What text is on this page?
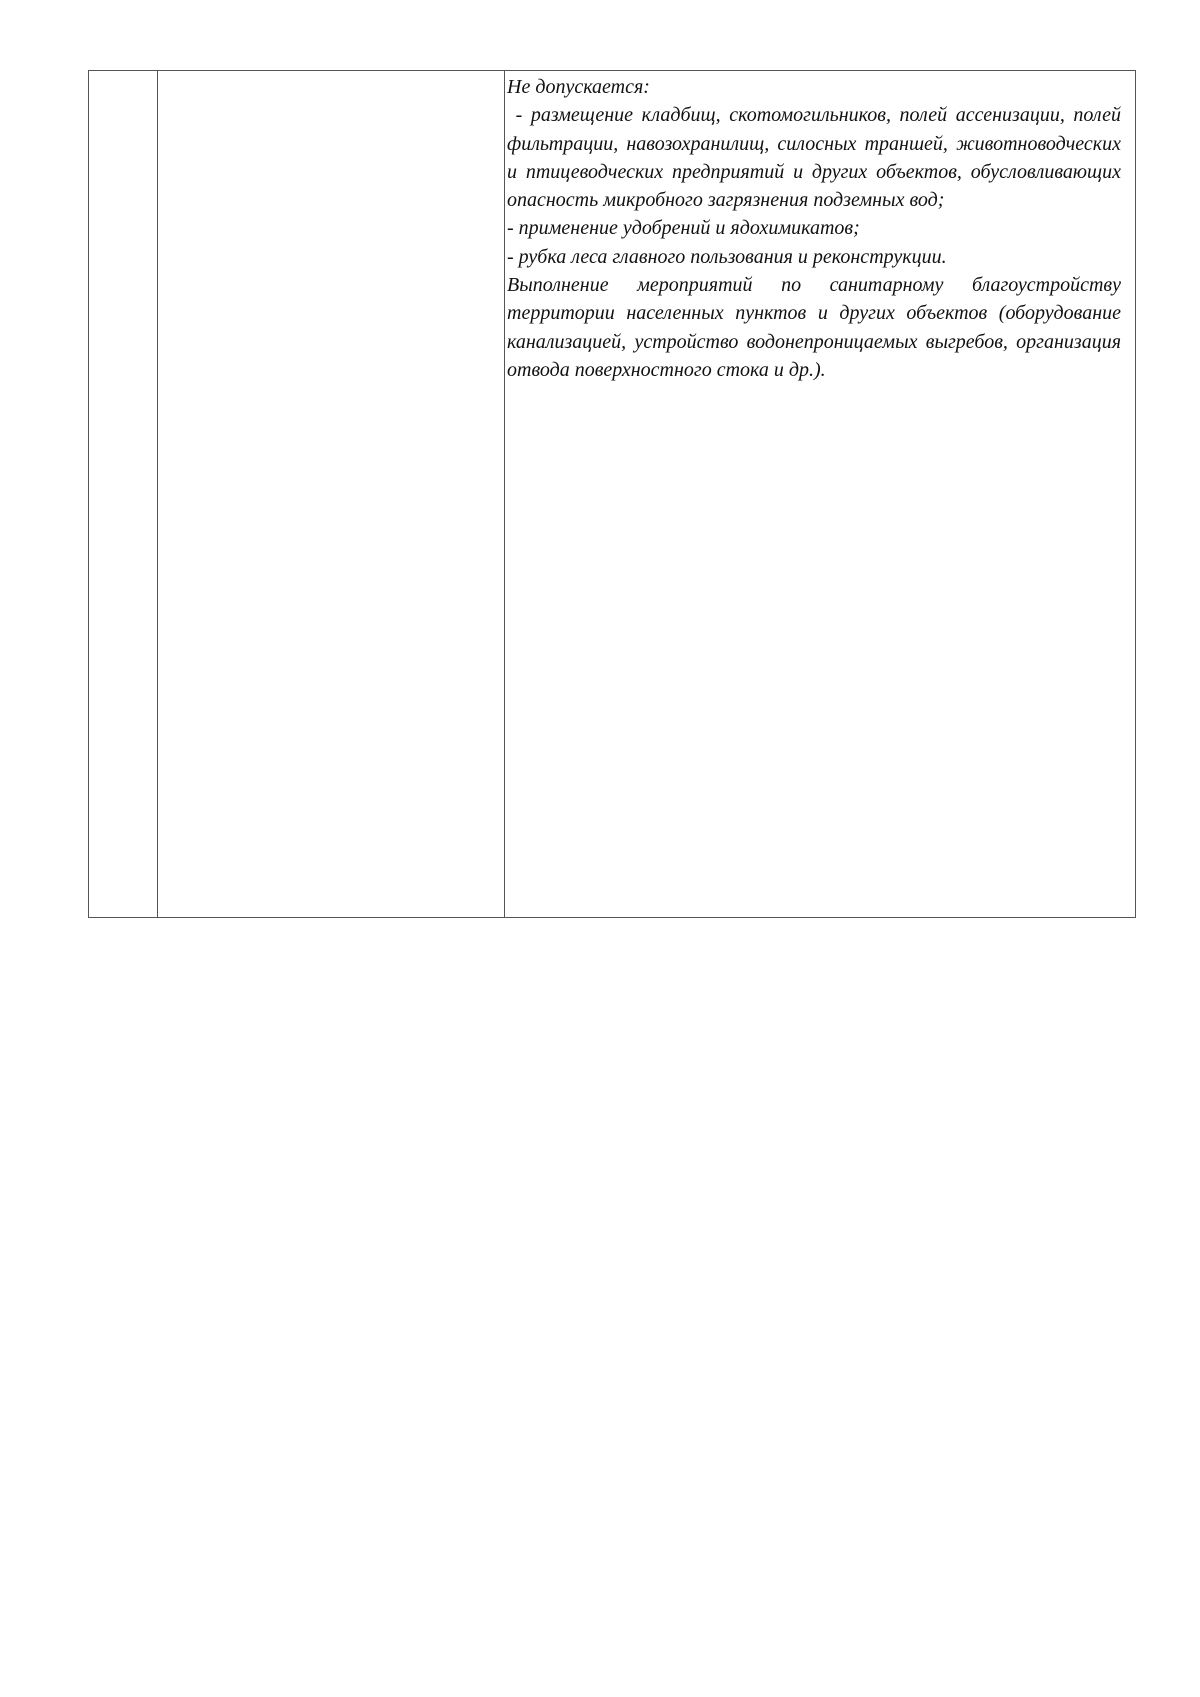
Не допускается:

- размещение кладбищ, скотомогильников, полей ассенизации, полей фильтрации, навозохранилищ, силосных траншей, животноводческих и птицеводческих предприятий и других объектов, обусловливающих опасность микробного загрязнения подземных вод;

- применение удобрений и ядохимикатов;

- рубка леса главного пользования и реконструкции.

Выполнение мероприятий по санитарному благоустройству территории населенных пунктов и других объектов (оборудование канализацией, устройство водонепроницаемых выгребов, организация отвода поверхностного стока и др.).
